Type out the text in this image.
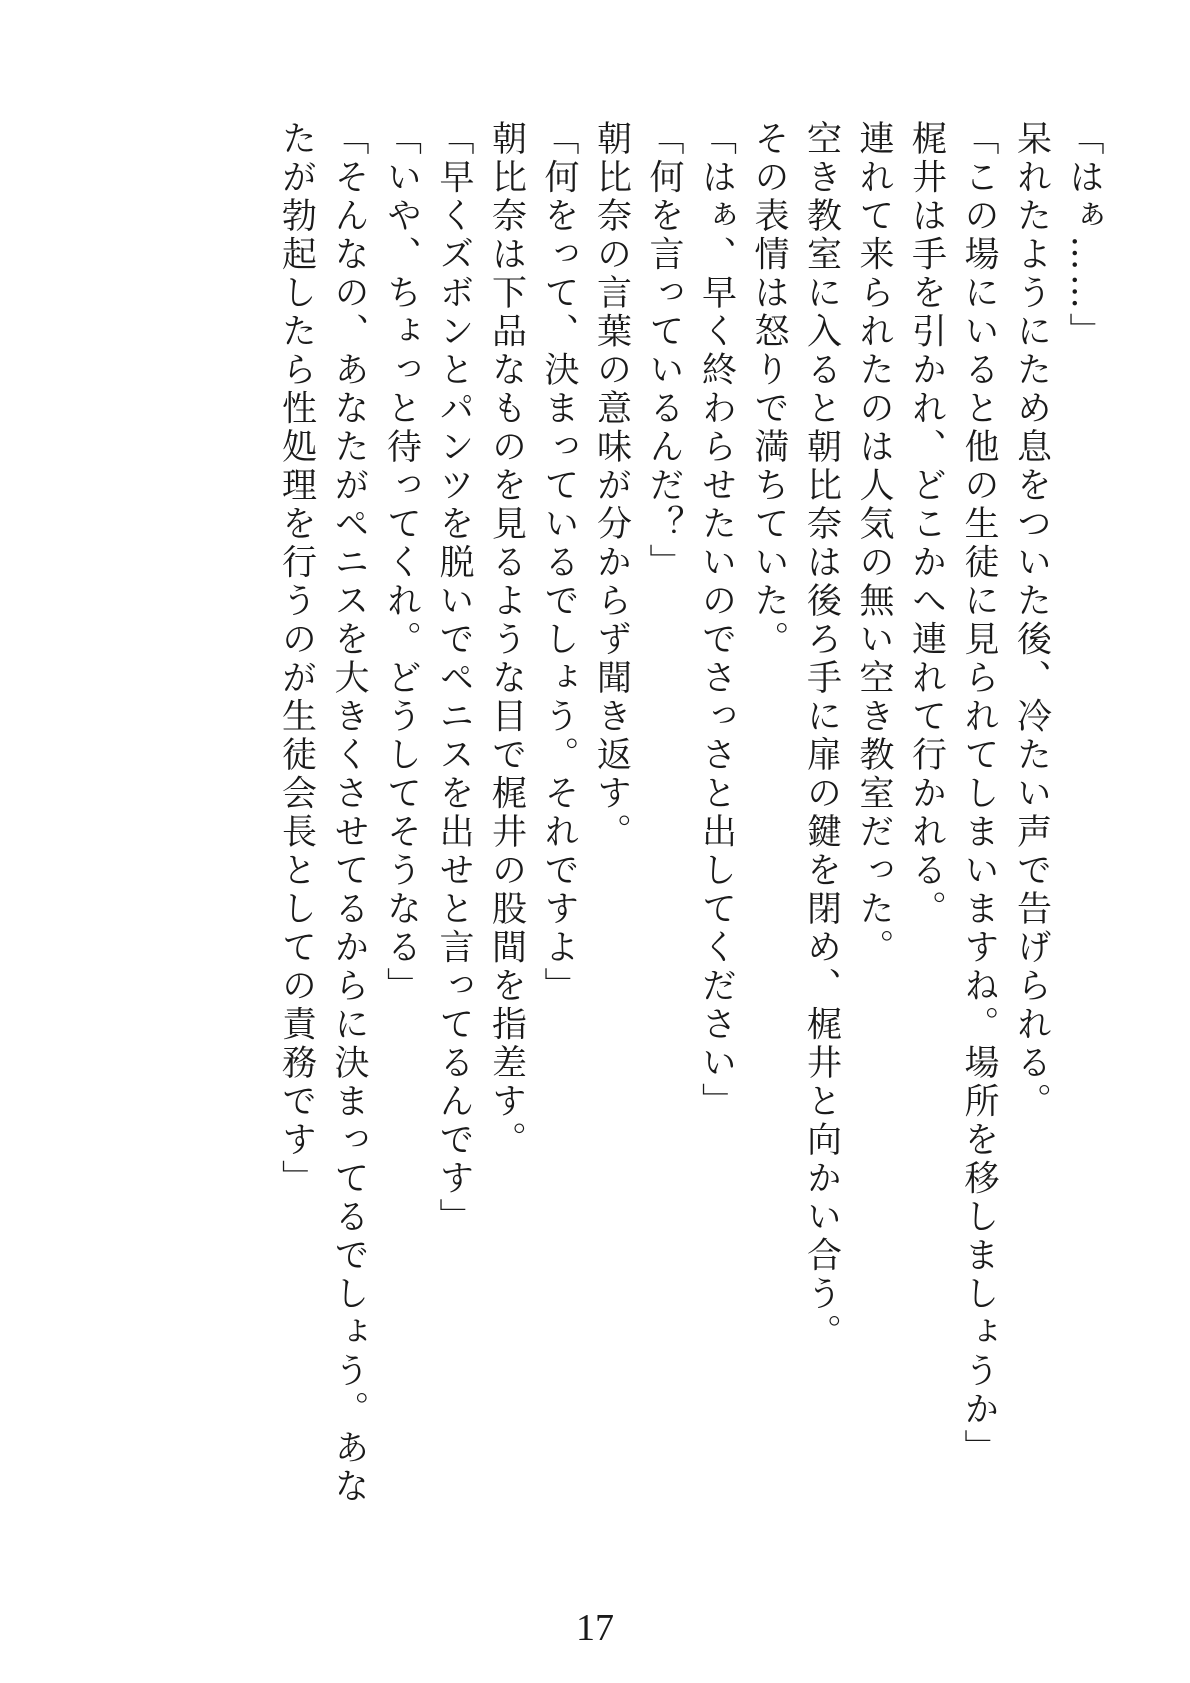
「はぁ……」
呆れたようにため息をついた後、冷たい声で告げられる。
「この場にいると他の生徒に見られてしまいますね。場所を移しましょうか」
梶井は手を引かれ、どこかへ連れて行かれる。
連れて来られたのは人気の無い空き教室だった。
空き教室に入ると朝比奈は後ろ手に扉の鍵を閉め、梶井と向かい合う。
その表情は怒りで満ちていた。
「はぁ、早く終わらせたいのでさっさと出してください」
「何を言っているんだ？」
朝比奈の言葉の意味が分からず聞き返す。
「何をって、決まっているでしょう。それですよ」
朝比奈は下品なものを見るような目で梶井の股間を指差す。
「早くズボンとパンツを脱いでペニスを出せと言ってるんです」
「いや、ちょっと待ってくれ。どうしてそうなる」
「そんなの、あなたがペニスを大きくさせてるからに決まってるでしょう。あな
たが勃起したら性処理を行うのが生徒会長としての責務です」
17
